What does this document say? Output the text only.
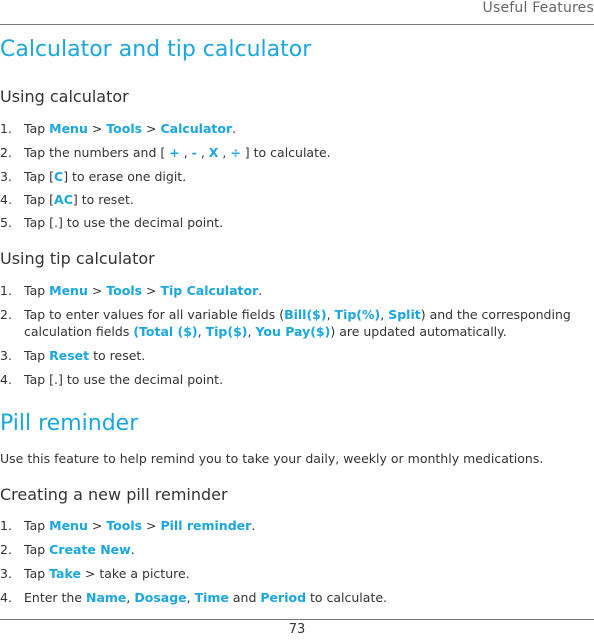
Useful Features
Calculator and tip calculator
Using calculator
1. Tap Menu > Tools > Calculator.
2. Tap the numbers and [ + , - , X , ÷ ] to calculate.
3. Tap [C] to erase one digit.
4. Tap [AC] to reset.
5. Tap [.] to use the decimal point.
Using tip calculator
1. Tap Menu > Tools > Tip Calculator.
2. Tap to enter values for all variable fields (Bill($), Tip(%), Split) and the corresponding calculation fields (Total ($), Tip($), You Pay($)) are updated automatically.
3. Tap Reset to reset.
4. Tap [.] to use the decimal point.
Pill reminder
Use this feature to help remind you to take your daily, weekly or monthly medications.
Creating a new pill reminder
1. Tap Menu > Tools > Pill reminder.
2. Tap Create New.
3. Tap Take > take a picture.
4. Enter the Name, Dosage, Time and Period to calculate.
73
